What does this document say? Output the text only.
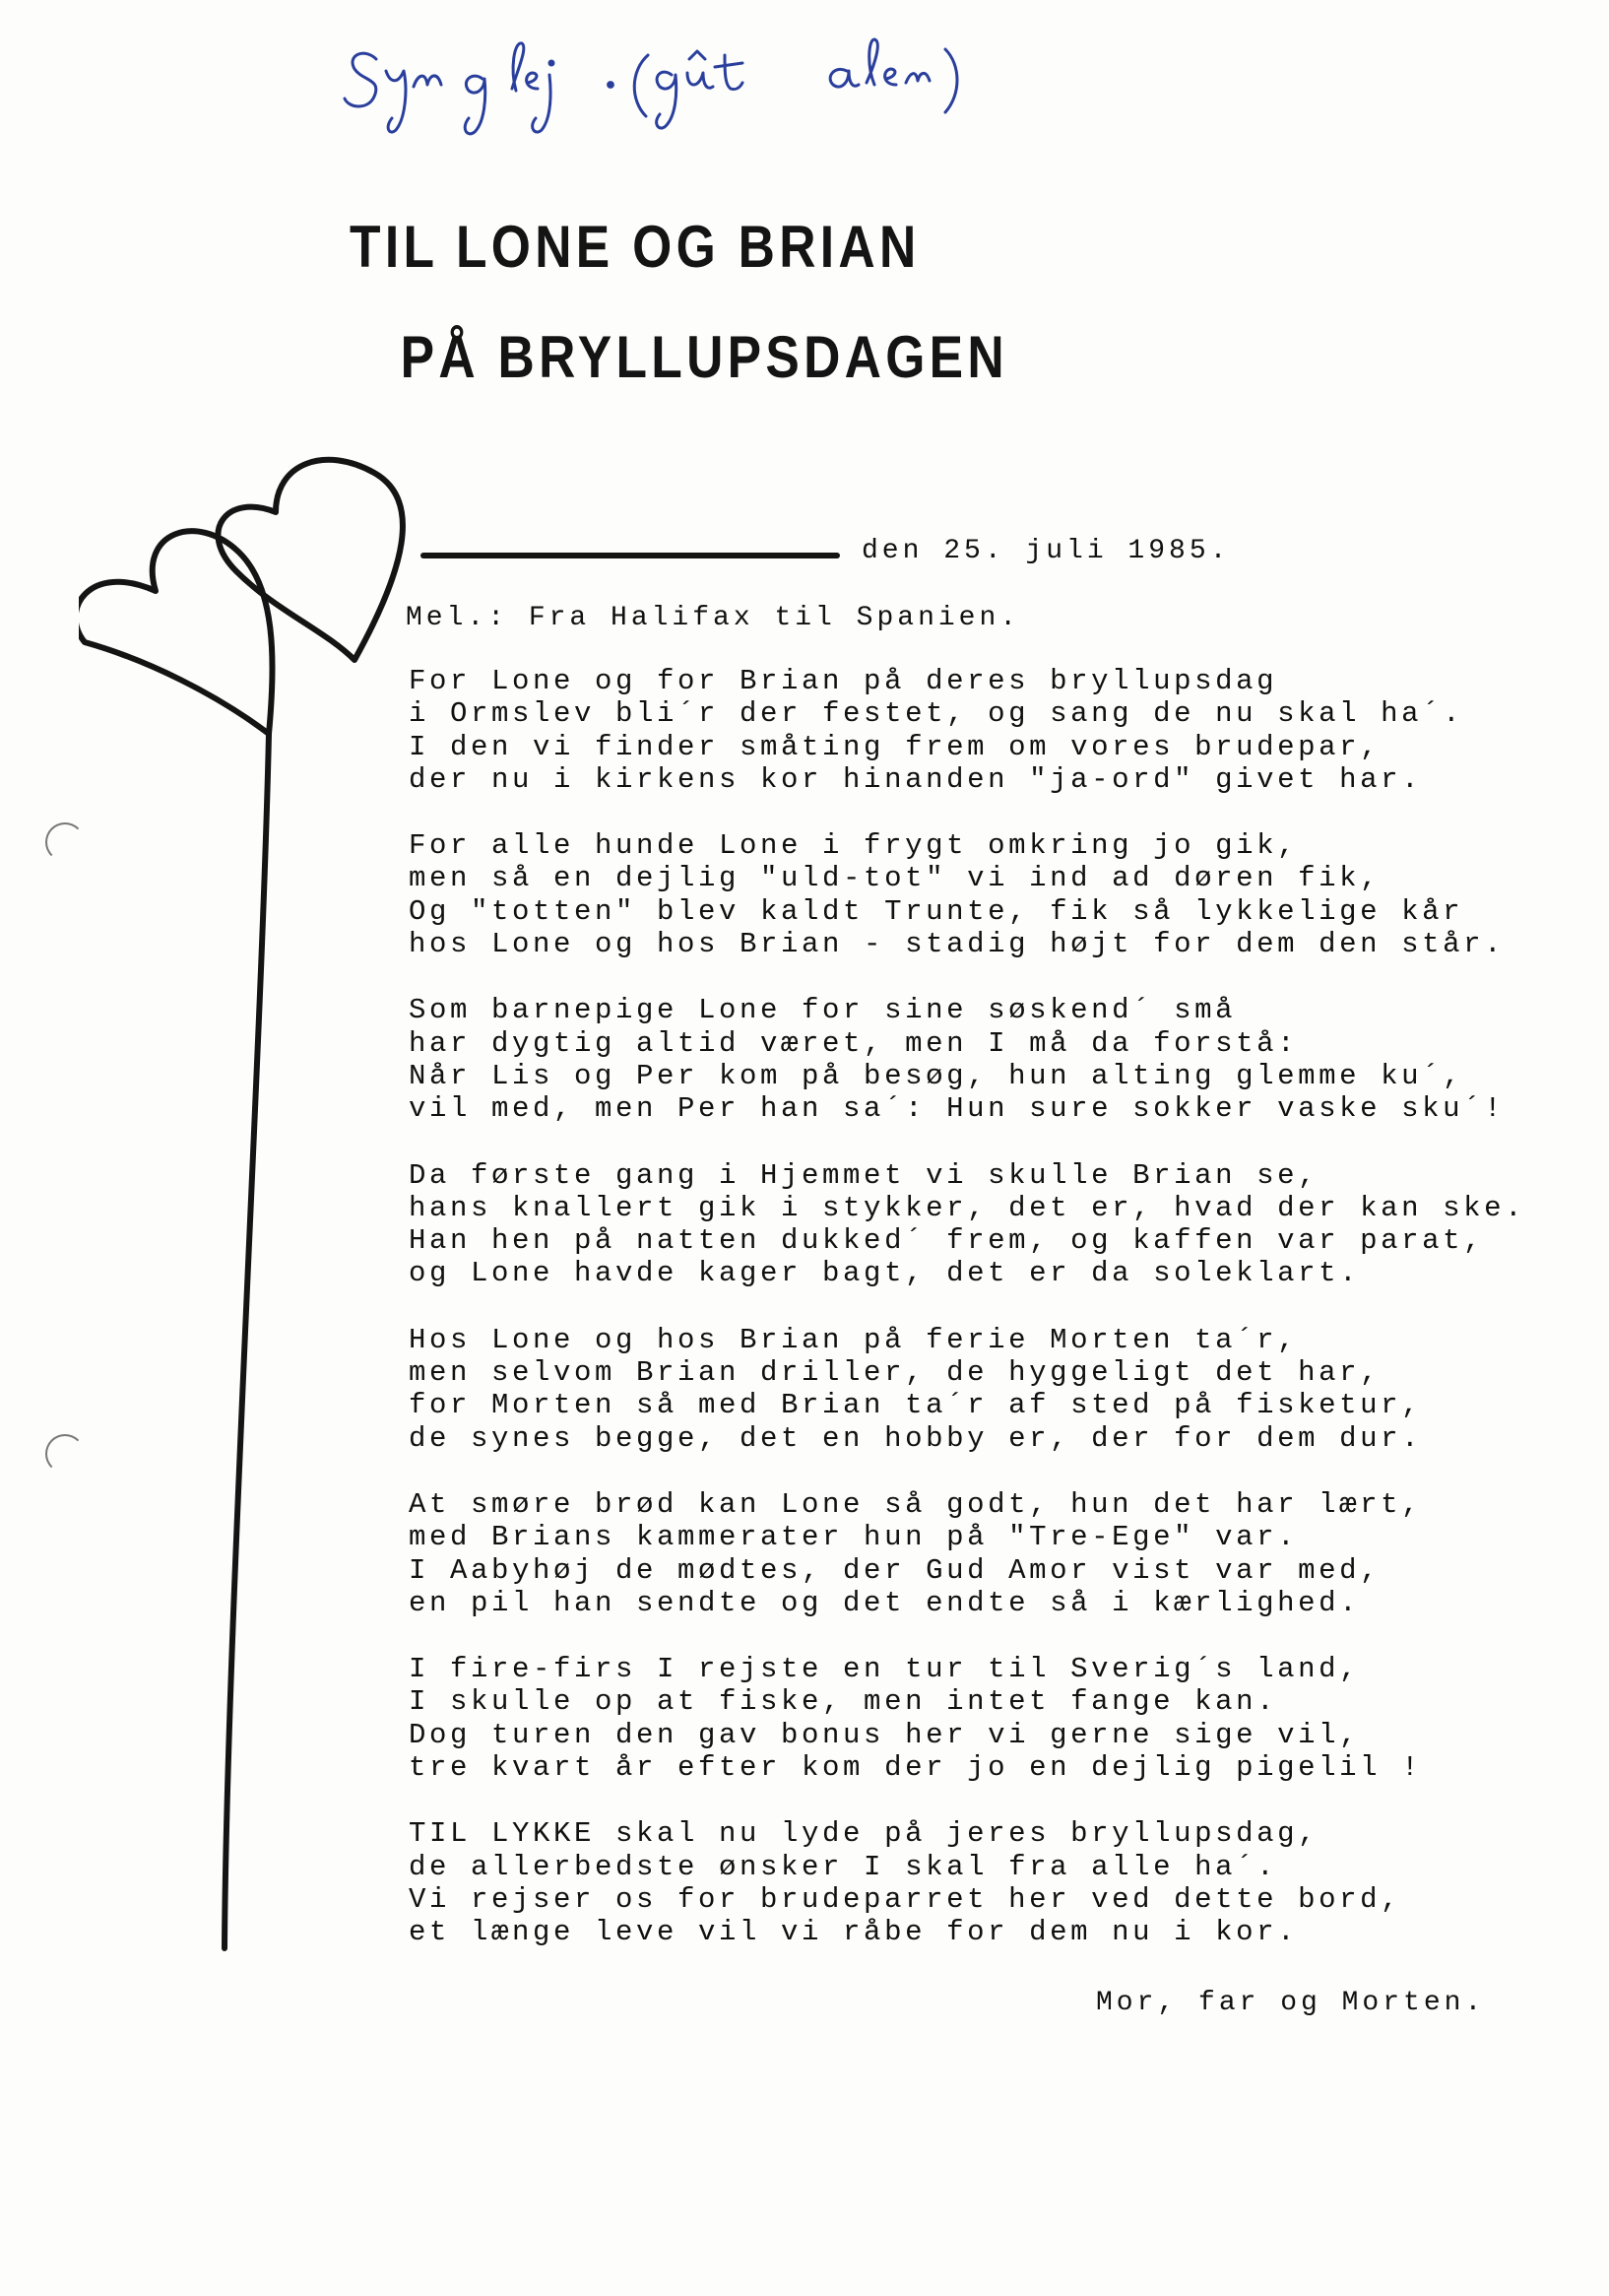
TIL LONE OG BRIAN
PÅ BRYLLUPSDAGEN
den 25. juli 1985.
Mel.: Fra Halifax til Spanien.
For Lone og for Brian på deres bryllupsdag
i Ormslev bli´r der festet, og sang de nu skal ha´.
I den vi finder småting frem om vores brudepar,
der nu i kirkens kor hinanden "ja-ord" givet har.
For alle hunde Lone i frygt omkring jo gik,
men så en dejlig "uld-tot" vi ind ad døren fik,
Og "totten" blev kaldt Trunte, fik så lykkelige kår
hos Lone og hos Brian - stadig højt for dem den står.
Som barnepige Lone for sine søskend´ små
har dygtig altid været, men I må da forstå:
Når Lis og Per kom på besøg, hun alting glemme ku´,
vil med, men Per han sa´: Hun sure sokker vaske sku´!
Da første gang i Hjemmet vi skulle Brian se,
hans knallert gik i stykker, det er, hvad der kan ske.
Han hen på natten dukked´ frem, og kaffen var parat,
og Lone havde kager bagt, det er da soleklart.
Hos Lone og hos Brian på ferie Morten ta´r,
men selvom Brian driller, de hyggeligt det har,
for Morten så med Brian ta´r af sted på fisketur,
de synes begge, det en hobby er, der for dem dur.
At smøre brød kan Lone så godt, hun det har lært,
med Brians kammerater hun på "Tre-Ege" var.
I Aabyhøj de mødtes, der Gud Amor vist var med,
en pil han sendte og det endte så i kærlighed.
I fire-firs I rejste en tur til Sverig´s land,
I skulle op at fiske, men intet fange kan.
Dog turen den gav bonus her vi gerne sige vil,
tre kvart år efter kom der jo en dejlig pigelil !
TIL LYKKE skal nu lyde på jeres bryllupsdag,
de allerbedste ønsker I skal fra alle ha´.
Vi rejser os for brudeparret her ved dette bord,
et længe leve vil vi råbe for dem nu i kor.
Mor, far og Morten.
